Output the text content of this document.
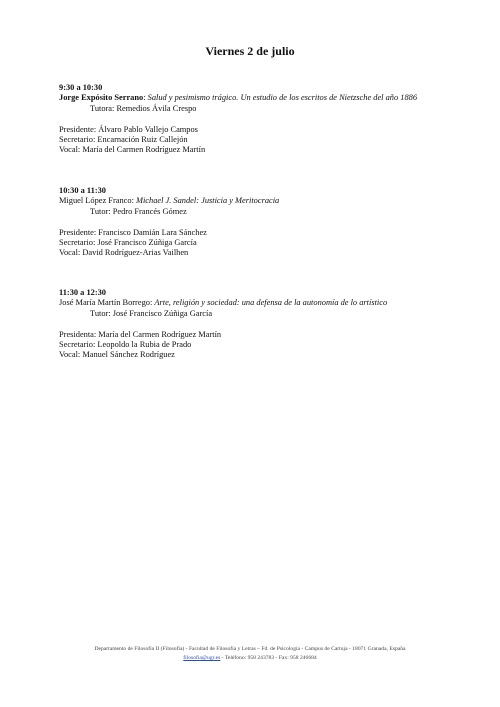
Viernes 2 de julio
9:30 a 10:30
Jorge Expósito Serrano: Salud y pesimismo trágico. Un estudio de los escritos de Nietzsche del año 1886
Tutora: Remedios Ávila Crespo
Presidente: Álvaro Pablo Vallejo Campos
Secretario: Encarnación Ruiz Callejón
Vocal: María del Carmen Rodríguez Martín
10:30 a 11:30
Miguel López Franco: Michael J. Sandel: Justicia y Meritocracia
Tutor: Pedro Francés Gómez
Presidente: Francisco Damián Lara Sánchez
Secretario: José Francisco Zúñiga García
Vocal: David Rodríguez-Arias Vailhen
11:30 a 12:30
José María Martín Borrego: Arte, religión y sociedad: una defensa de la autonomía de lo artístico
Tutor: José Francisco Zúñiga García
Presidenta: María del Carmen Rodríguez Martín
Secretario: Leopoldo la Rubia de Prado
Vocal: Manuel Sánchez Rodríguez
Departamento de Filosofía II (Filosofía) - Facultad de Filosofía y Letras – Fd. de Psicología - Campus de Cartuja - 18071 Granada, España
filosofia@ugr.es - Teléfono: 958 243783 - Fax: 958 246684
